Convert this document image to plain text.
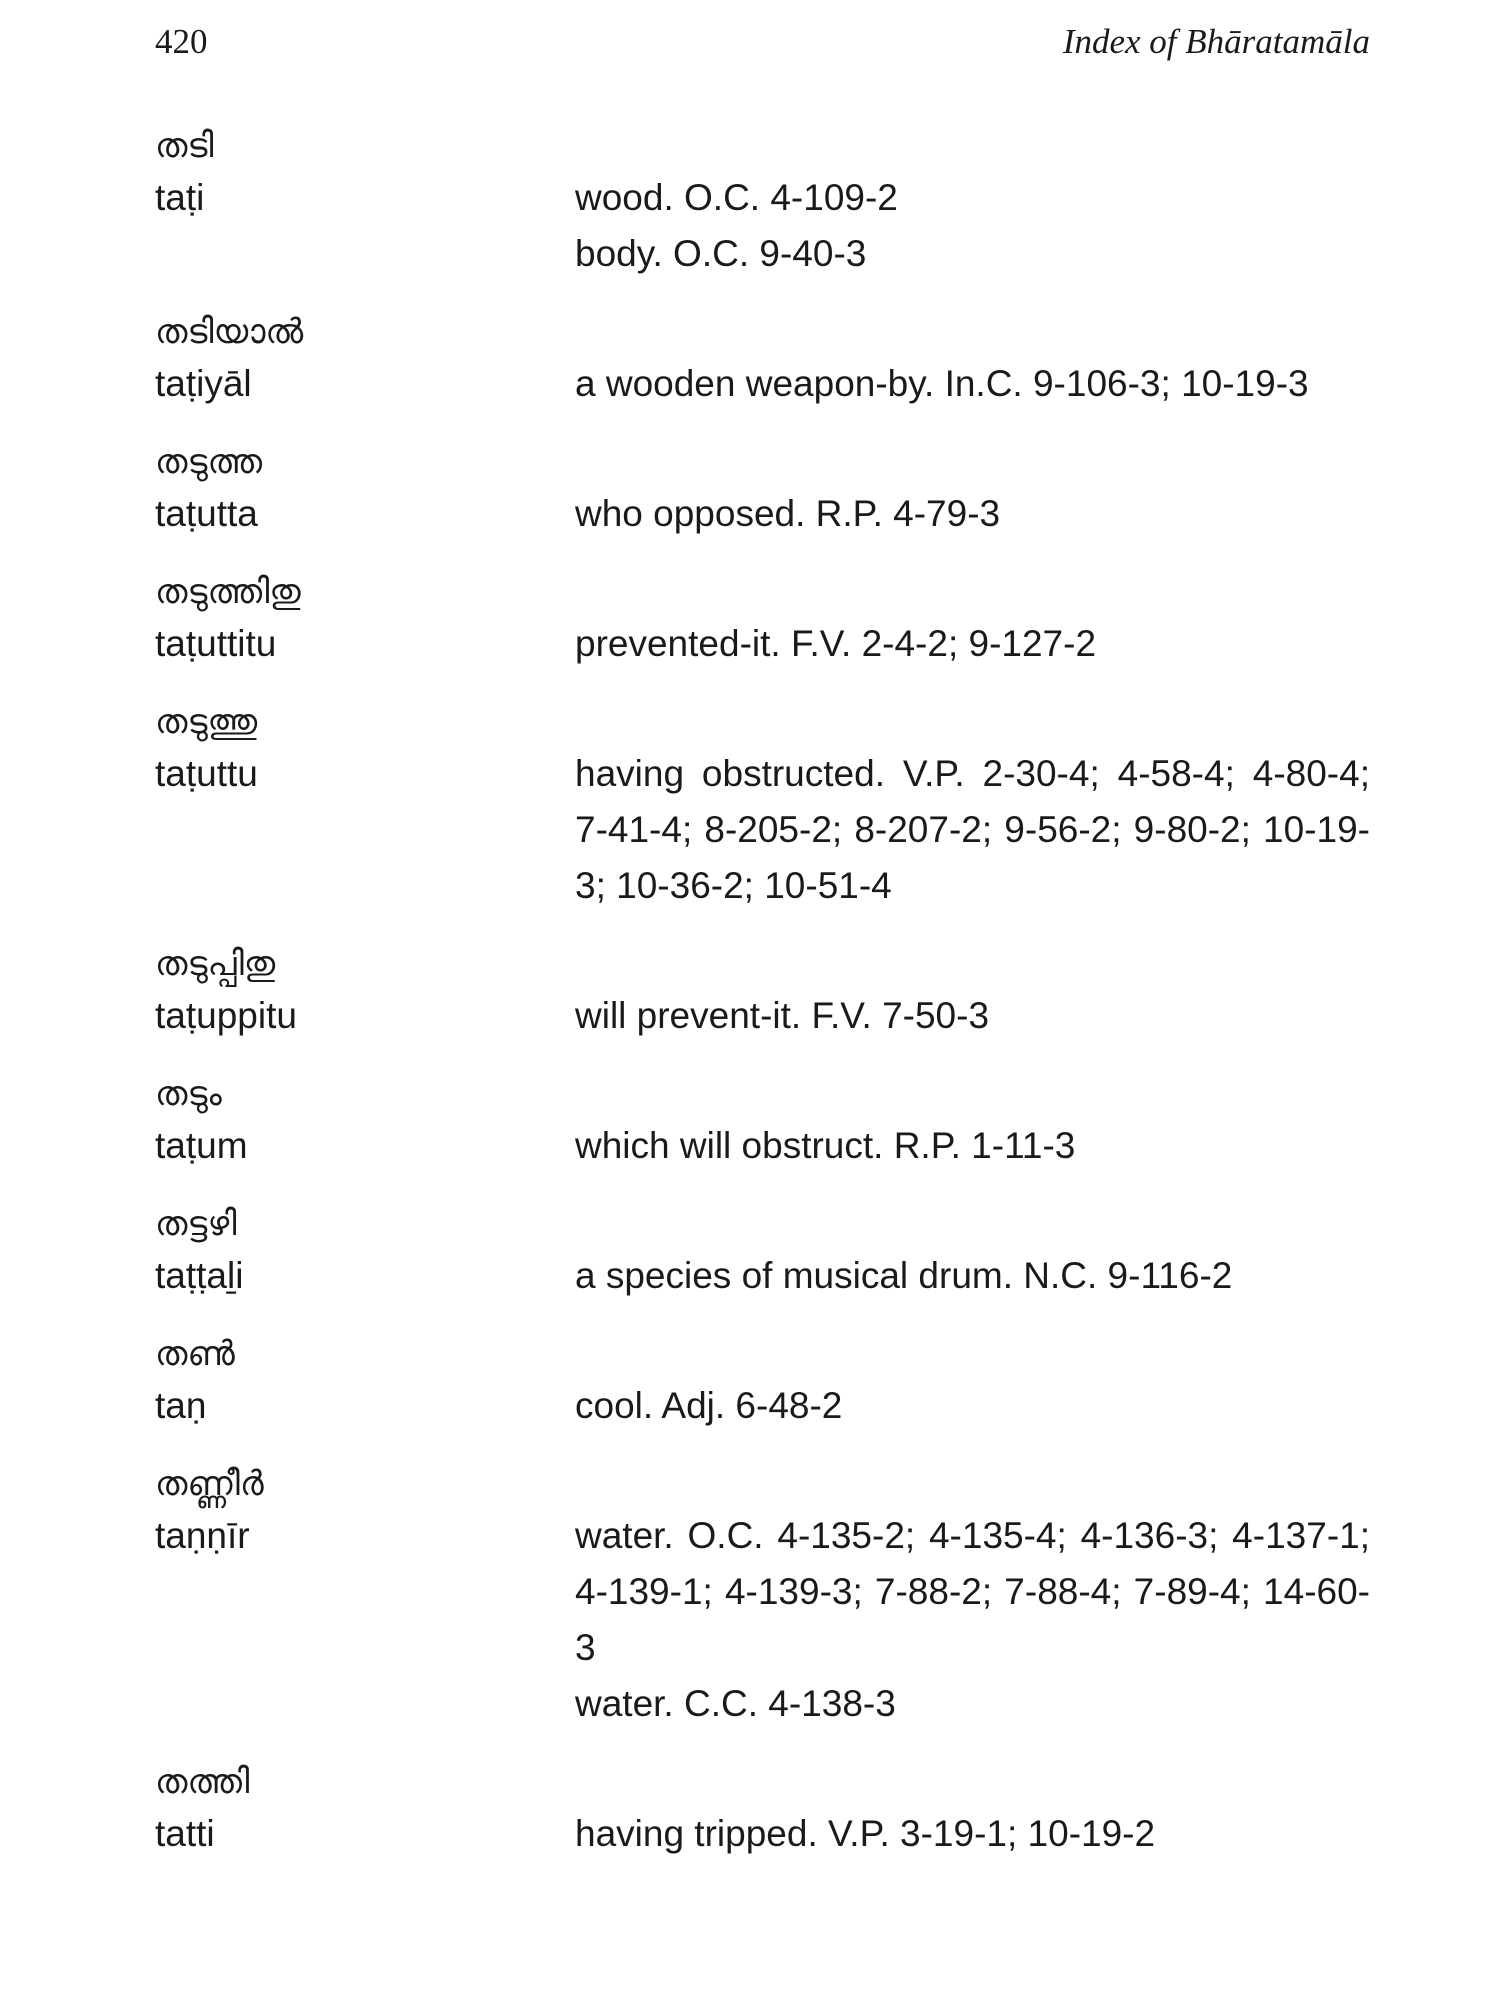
420	Index of Bhāratamāla
തടി
taṭi	wood. O.C. 4-109-2
body. O.C. 9-40-3
തടിയാൽ
taṭiyāl	a wooden weapon-by. In.C. 9-106-3; 10-19-3
തടുത്ത
taṭutta	who opposed. R.P. 4-79-3
തടുത്തിതു
taṭuttitu	prevented-it. F.V. 2-4-2; 9-127-2
തടുത്തു
taṭuttu	having obstructed. V.P. 2-30-4; 4-58-4; 4-80-4; 7-41-4; 8-205-2; 8-207-2; 9-56-2; 9-80-2; 10-19-3; 10-36-2; 10-51-4
തടുപ്പിതു
taṭuppitu	will prevent-it. F.V. 7-50-3
തടും
taṭum	which will obstruct. R.P. 1-11-3
തട്ടഴി
taṭṭaḻi	a species of musical drum. N.C. 9-116-2
തൺ
taṇ	cool. Adj. 6-48-2
തണ്ണീർ
taṇṇīr	water. O.C. 4-135-2; 4-135-4; 4-136-3; 4-137-1; 4-139-1; 4-139-3; 7-88-2; 7-88-4; 7-89-4; 14-60-3
water. C.C. 4-138-3
തത്തി
tatti	having tripped. V.P. 3-19-1; 10-19-2
